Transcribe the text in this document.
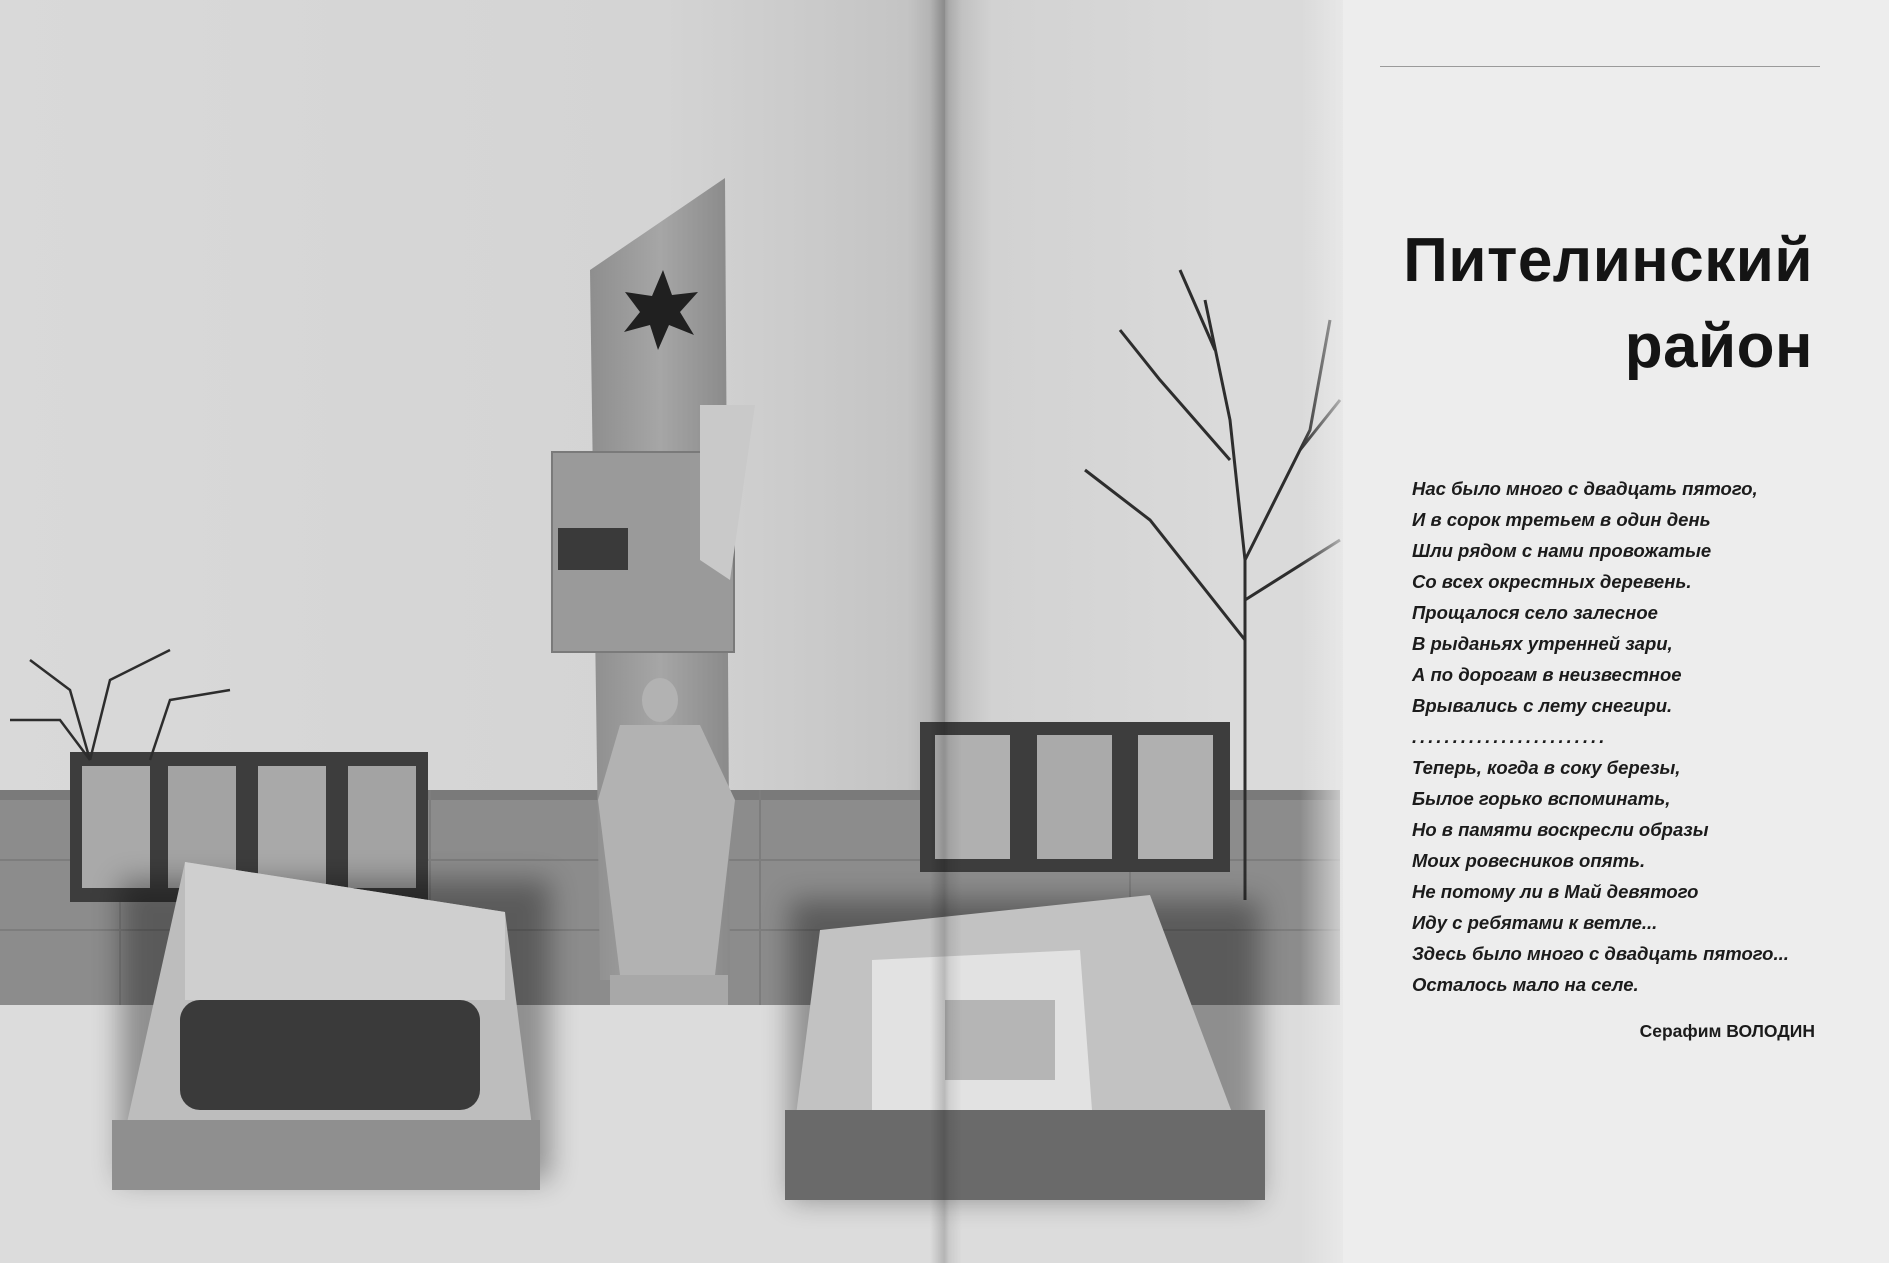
Пителинский
район
Нас было много с двадцать пятого,
И в сорок третьем в один день
Шли рядом с нами провожатые
Со всех окрестных деревень.
Прощалося село залесное
В рыданьях утренней зари,
А по дорогам в неизвестное
Врывались с лету снегири.
........................
Теперь, когда в соку березы,
Былое горько вспоминать,
Но в памяти воскресли образы
Моих ровесников опять.
Не потому ли в Май девятого
Иду с ребятами к ветле...
Здесь было много с двадцать пятого...
Осталось мало на селе.
Серафим ВОЛОДИН
